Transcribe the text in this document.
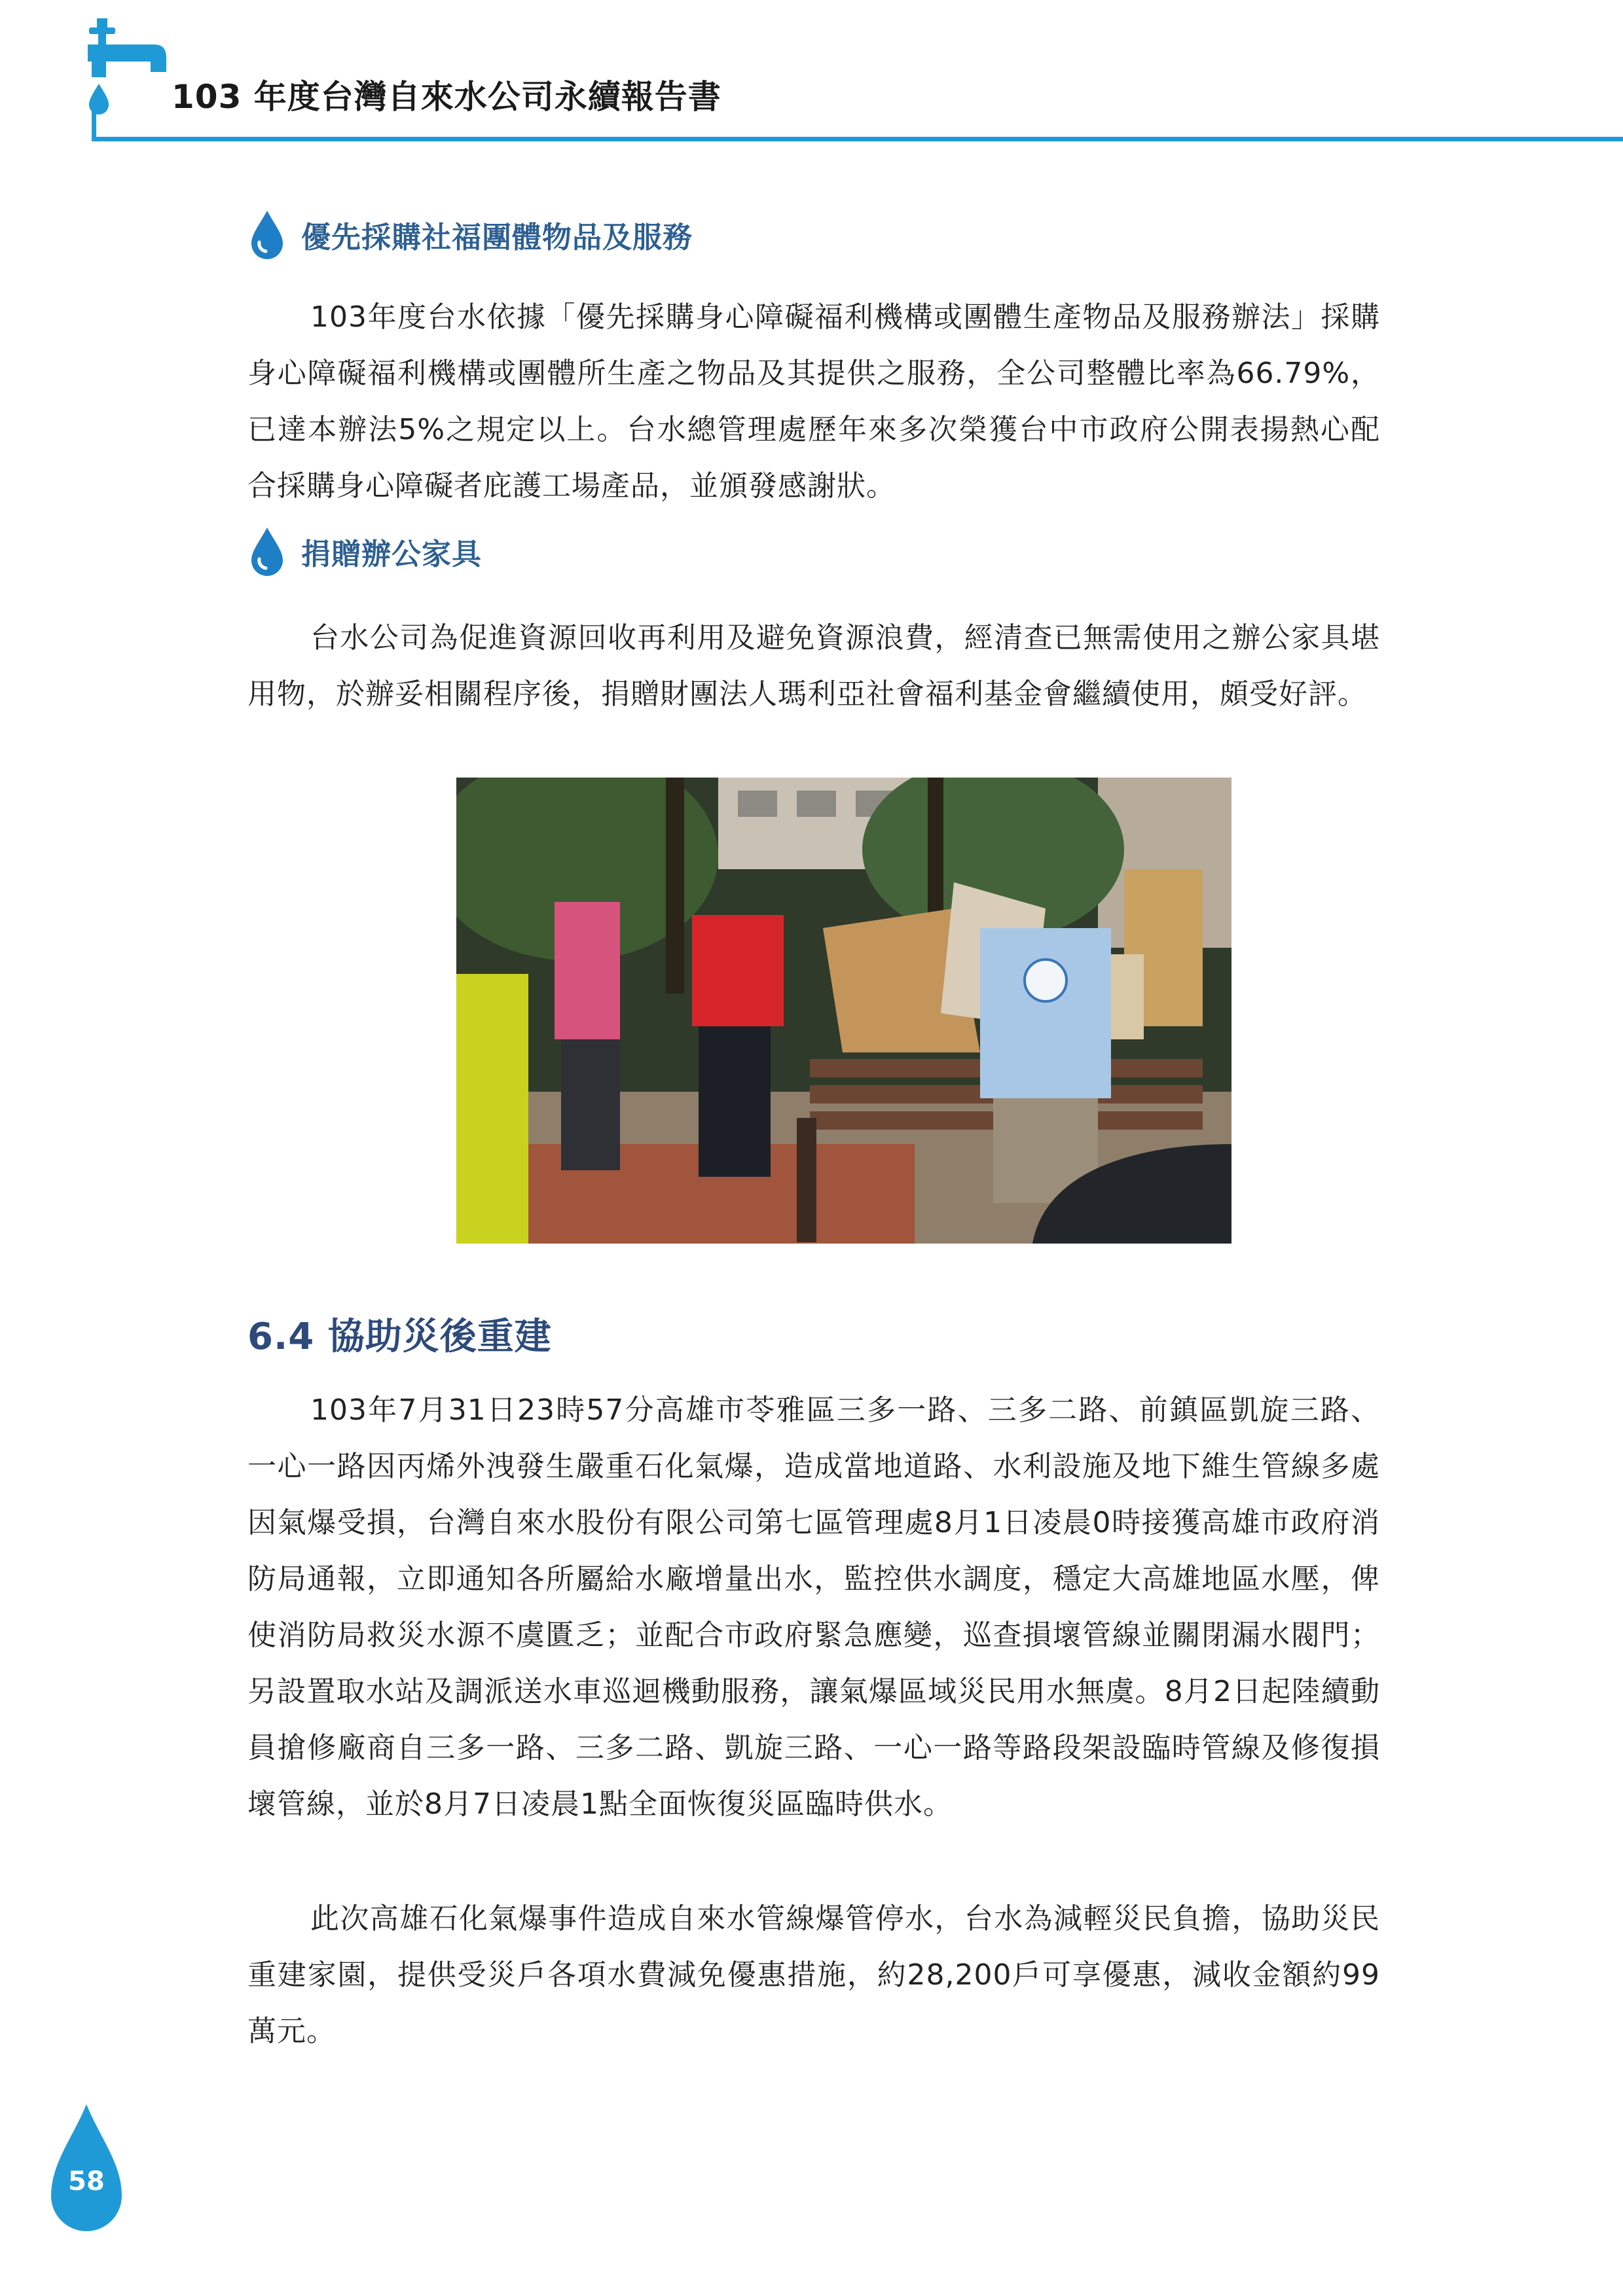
103 年度台灣自來水公司永續報告書
優先採購社福團體物品及服務

103年度台水依據「優先採購身心障礙福利機構或團體生產物品及服務辦法」採購身心障礙福利機構或團體所生產之物品及其提供之服務，全公司整體比率為66.79%，已達本辦法5%之規定以上。台水總管理處歷年來多次榮獲台中市政府公開表揚熱心配合採購身心障礙者庇護工場產品，並頒發感謝狀。

捐贈辦公家具

台水公司為促進資源回收再利用及避免資源浪費，經清查已無需使用之辦公家具堪用物，於辦妥相關程序後，捐贈財團法人瑪利亞社會福利基金會繼續使用，頗受好評。

6.4 協助災後重建

103年7月31日23時57分高雄市苓雅區三多一路、三多二路、前鎮區凱旋三路、一心一路因丙烯外洩發生嚴重石化氣爆，造成當地道路、水利設施及地下維生管線多處因氣爆受損，台灣自來水股份有限公司第七區管理處8月1日凌晨0時接獲高雄市政府消防局通報，立即通知各所屬給水廠增量出水，監控供水調度，穩定大高雄地區水壓，俾使消防局救災水源不虞匱乏；並配合市政府緊急應變，巡查損壞管線並關閉漏水閥門；另設置取水站及調派送水車巡迴機動服務，讓氣爆區域災民用水無虞。8月2日起陸續動員搶修廠商自三多一路、三多二路、凱旋三路、一心一路等路段架設臨時管線及修復損壞管線，並於8月7日凌晨1點全面恢復災區臨時供水。

此次高雄石化氣爆事件造成自來水管線爆管停水，台水為減輕災民負擔，協助災民重建家園，提供受災戶各項水費減免優惠措施，約28,200戶可享優惠，減收金額約99萬元。

58
